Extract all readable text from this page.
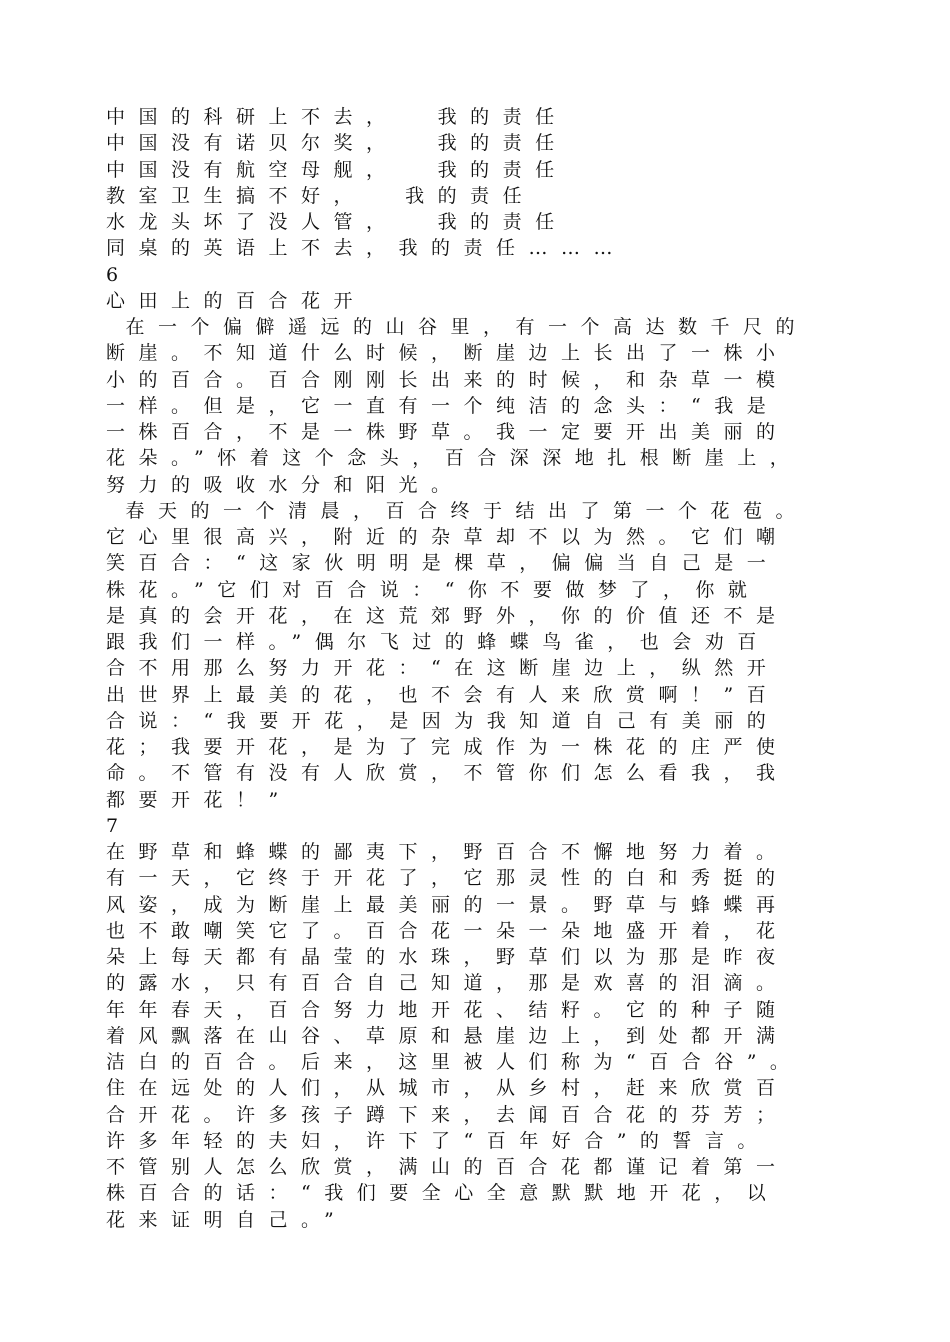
中国的科研上不去，  我的责任
中国没有诺贝尔奖，  我的责任
中国没有航空母舰，  我的责任
教室卫生搞不好，  我的责任
水龙头坏了没人管，  我的责任
同桌的英语上不去，我的责任………
6
心田上的百合花开
在一个偏僻遥远的山谷里，有一个高达数千尺的
断崖。不知道什么时候，断崖边上长出了一株小
小的百合。百合刚刚长出来的时候，和杂草一模
一样。但是，它一直有一个纯洁的念头：“我是
一株百合，不是一株野草。我一定要开出美丽的
花朵。”怀着这个念头，百合深深地扎根断崖上，
努力的吸收水分和阳光。
春天的一个清晨，百合终于结出了第一个花苞。
它心里很高兴，附近的杂草却不以为然。它们嘲
笑百合：“这家伙明明是棵草，偏偏当自己是一
株花。”它们对百合说：“你不要做梦了，你就
是真的会开花，在这荒郊野外，你的价值还不是
跟我们一样。”偶尔飞过的蜂蝶鸟雀，也会劝百
合不用那么努力开花：“在这断崖边上，纵然开
出世界上最美的花，也不会有人来欣赏啊！”百
合说：“我要开花，是因为我知道自己有美丽的
花；我要开花，是为了完成作为一株花的庄严使
命。不管有没有人欣赏，不管你们怎么看我，我
都要开花！”
7
在野草和蜂蝶的鄙夷下，野百合不懈地努力着。
有一天，它终于开花了，它那灵性的白和秀挺的
风姿，成为断崖上最美丽的一景。野草与蜂蝶再
也不敢嘲笑它了。百合花一朵一朵地盛开着，花
朵上每天都有晶莹的水珠，野草们以为那是昨夜
的露水，只有百合自己知道，那是欢喜的泪滴。
年年春天，百合努力地开花、结籽。它的种子随
着风飘落在山谷、草原和悬崖边上，到处都开满
洁白的百合。后来，这里被人们称为“百合谷”。
住在远处的人们，从城市，从乡村，赶来欣赏百
合开花。许多孩子蹲下来，去闻百合花的芬芳；
许多年轻的夫妇，许下了“百年好合”的誓言。
不管别人怎么欣赏，满山的百合花都谨记着第一
株百合的话：“我们要全心全意默默地开花，以
花来证明自己。”
